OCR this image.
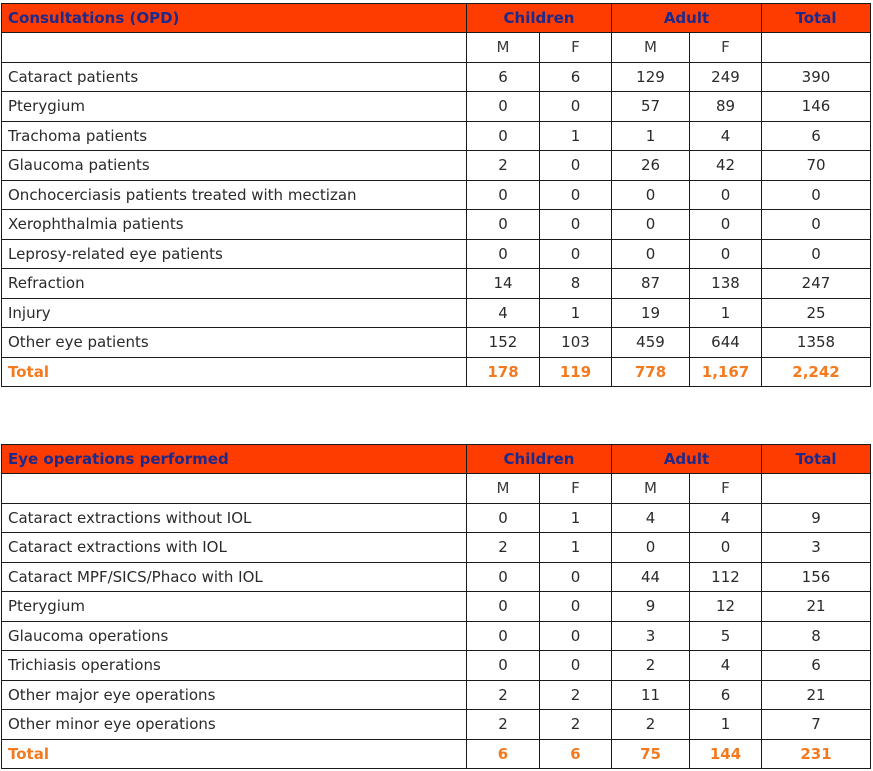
Consultations (OPD)	Children		Adult		Total
	M	F	M	F	
Cataract patients	6	6	129	249	390
Pterygium	0	0	57	89	146
Trachoma patients	0	1	1	4	6
Glaucoma patients	2	0	26	42	70
Onchocerciasis patients treated with mectizan	0	0	0	0	0
Xerophthalmia patients	0	0	0	0	0
Leprosy-related eye patients	0	0	0	0	0
Refraction	14	8	87	138	247
Injury	4	1	19	1	25
Other eye patients	152	103	459	644	1358
Total	178	119	778	1,167	2,242
Eye operations performed	Children		Adult		Total
	M	F	M	F	
Cataract extractions without IOL	0	1	4	4	9
Cataract extractions with IOL	2	1	0	0	3
Cataract MPF/SICS/Phaco with IOL	0	0	44	112	156
Pterygium	0	0	9	12	21
Glaucoma operations	0	0	3	5	8
Trichiasis operations	0	0	2	4	6
Other major eye operations	2	2	11	6	21
Other minor eye operations	2	2	2	1	7
Total	6	6	75	144	231
